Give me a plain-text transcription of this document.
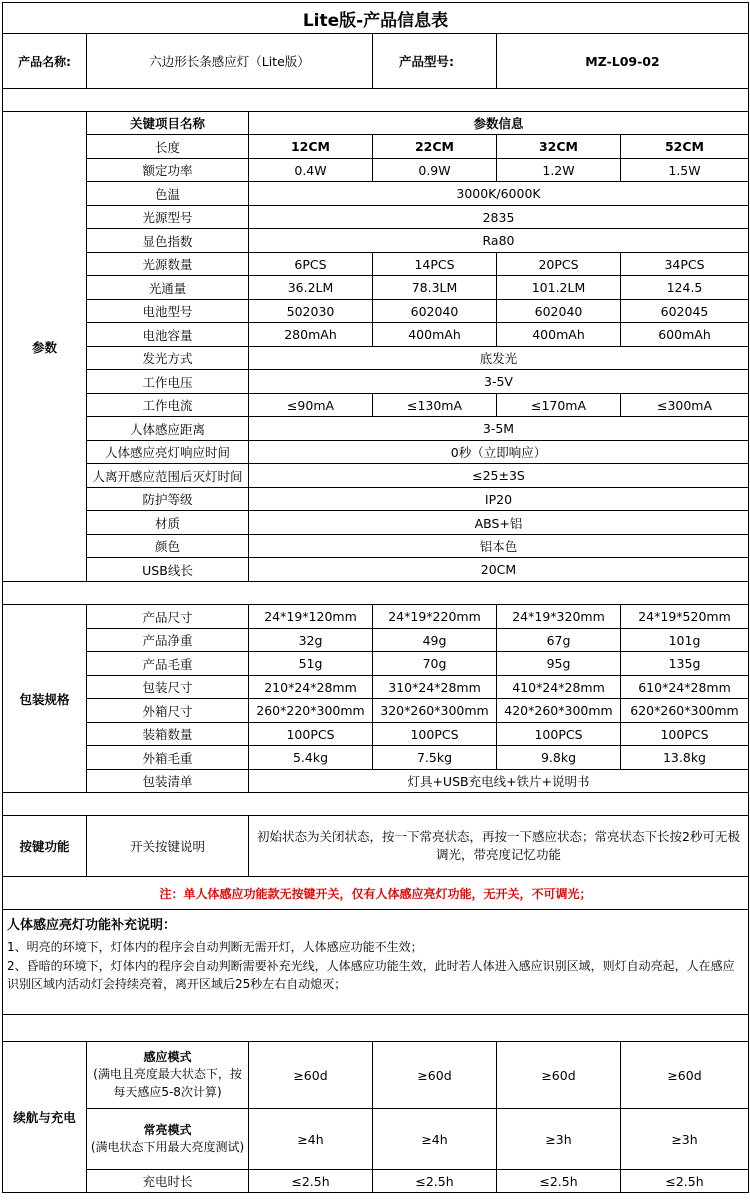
Lite版-产品信息表					
产品名称:	六边形长条感应灯（Lite版）		产品型号:	MZ-L09-02	

参数	关键项目名称	参数信息			
	长度	12CM	22CM	32CM	52CM
	额定功率	0.4W	0.9W	1.2W	1.5W
	色温	3000K/6000K			
	光源型号	2835			
	显色指数	Ra80			
	光源数量	6PCS	14PCS	20PCS	34PCS
	光通量	36.2LM	78.3LM	101.2LM	124.5
	电池型号	502030	602040	602040	602045
	电池容量	280mAh	400mAh	400mAh	600mAh
	发光方式	底发光			
	工作电压	3-5V			
	工作电流	≤90mA	≤130mA	≤170mA	≤300mA
	人体感应距离	3-5M			
	人体感应亮灯响应时间	0秒（立即响应）			
	人离开感应范围后灭灯时间	≤25±3S			
	防护等级	IP20			
	材质	ABS+铝			
	颜色	铝本色			
	USB线长	20CM			

包装规格	产品尺寸	24*19*120mm	24*19*220mm	24*19*320mm	24*19*520mm
	产品净重	32g	49g	67g	101g
	产品毛重	51g	70g	95g	135g
	包装尺寸	210*24*28mm	310*24*28mm	410*24*28mm	610*24*28mm
	外箱尺寸	260*220*300mm	320*260*300mm	420*260*300mm	620*260*300mm
	装箱数量	100PCS	100PCS	100PCS	100PCS
	外箱毛重	5.4kg	7.5kg	9.8kg	13.8kg
	包装清单	灯具+USB充电线+铁片+说明书			

按键功能	开关按键说明	初始状态为关闭状态，按一下常亮状态，再按一下感应状态；常亮状态下长按2秒可无极调光，带亮度记忆功能			
注：单人体感应功能款无按键开关，仅有人体感应亮灯功能，无开关，不可调光；					

人体感应亮灯功能补充说明：
1、明亮的环境下，灯体内的程序会自动判断无需开灯，人体感应功能不生效；
2、昏暗的环境下，灯体内的程序会自动判断需要补充光线，人体感应功能生效，此时若人体进入感应识别区域，则灯自动亮起，人在感应识别区域内活动灯会持续亮着，离开区域后25秒左右自动熄灭；					

续航与充电	感应模式
(满电且亮度最大状态下，按每天感应5-8次计算)	≥60d	≥60d	≥60d	≥60d

	常亮模式
(满电状态下用最大亮度测试)	≥4h	≥4h	≥3h	≥3h
	充电时长	≤2.5h	≤2.5h	≤2.5h	≤2.5h
